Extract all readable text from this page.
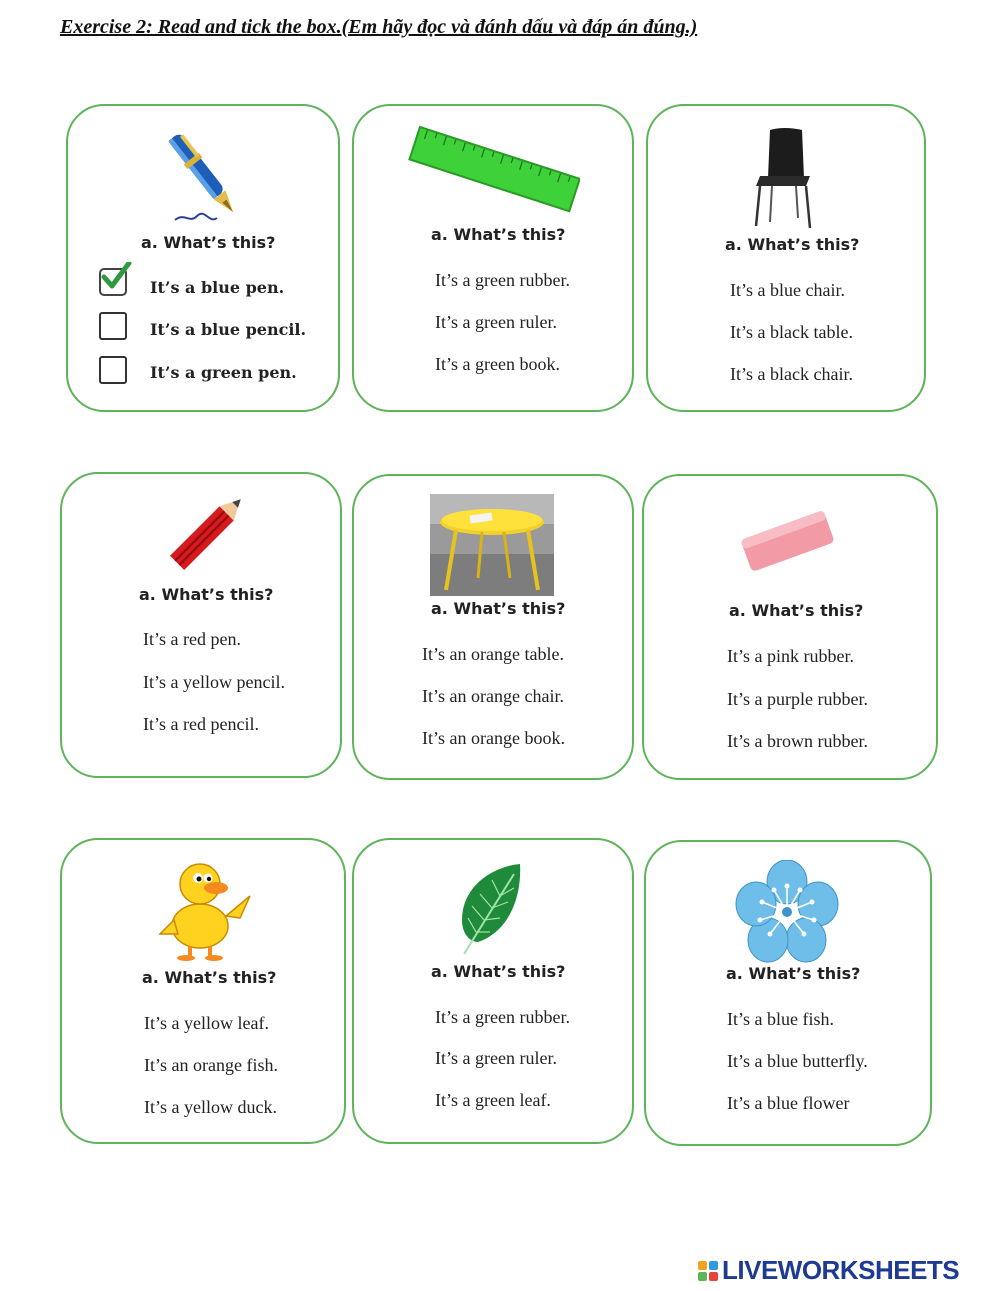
Exercise 2: Read and tick the box.(Em hãy đọc và đánh dấu và đáp án đúng.)
a. What’s this?
It’s a blue pen.
It’s a blue pencil.
It’s a green pen.
a. What’s this?
It’s a green rubber.
It’s a green ruler.
It’s a green book.
a. What’s this?
It’s a blue chair.
It’s a black table.
It’s a black chair.
a. What’s this?
It’s a red pen.
It’s a yellow pencil.
It’s a red pencil.
a. What’s this?
It’s an orange table.
It’s an orange chair.
It’s an orange book.
a. What’s this?
It’s a pink rubber.
It’s a purple rubber.
It’s a brown rubber.
a. What’s this?
It’s a yellow leaf.
It’s an orange fish.
It’s a yellow duck.
a. What’s this?
It’s a green rubber.
It’s a green ruler.
It’s a green leaf.
a. What’s this?
It’s a blue fish.
It’s a blue butterfly.
It’s a blue flower
LIVEWORKSHEETS
